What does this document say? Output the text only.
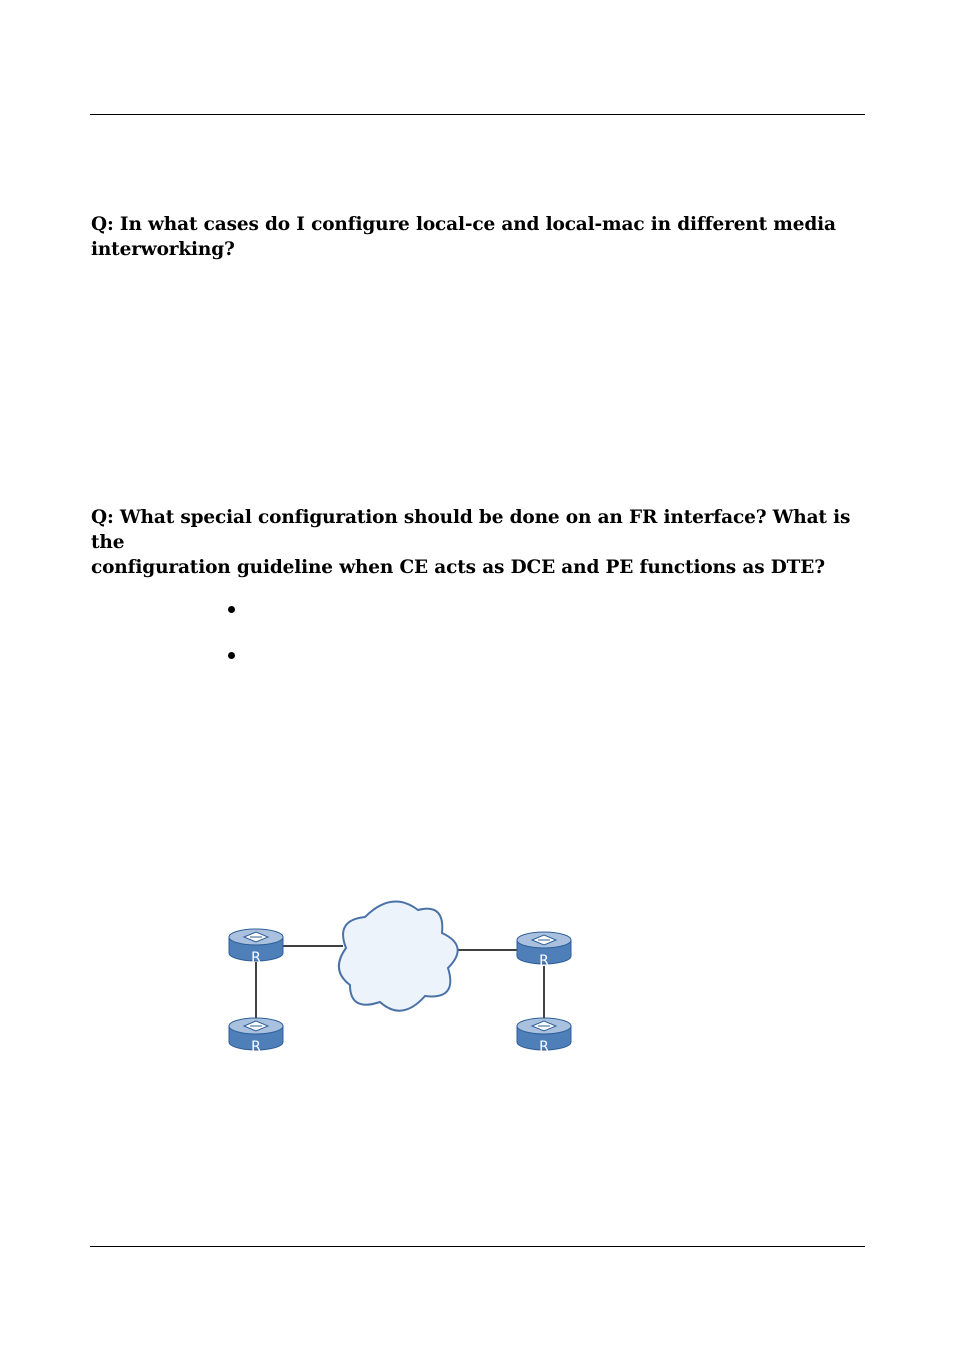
Q: In what cases do I configure local-ce and local-mac in different media
interworking?
Q: What special configuration should be done on an FR interface? What is the
configuration guideline when CE acts as DCE and PE functions as DTE?
R
R
R
R
